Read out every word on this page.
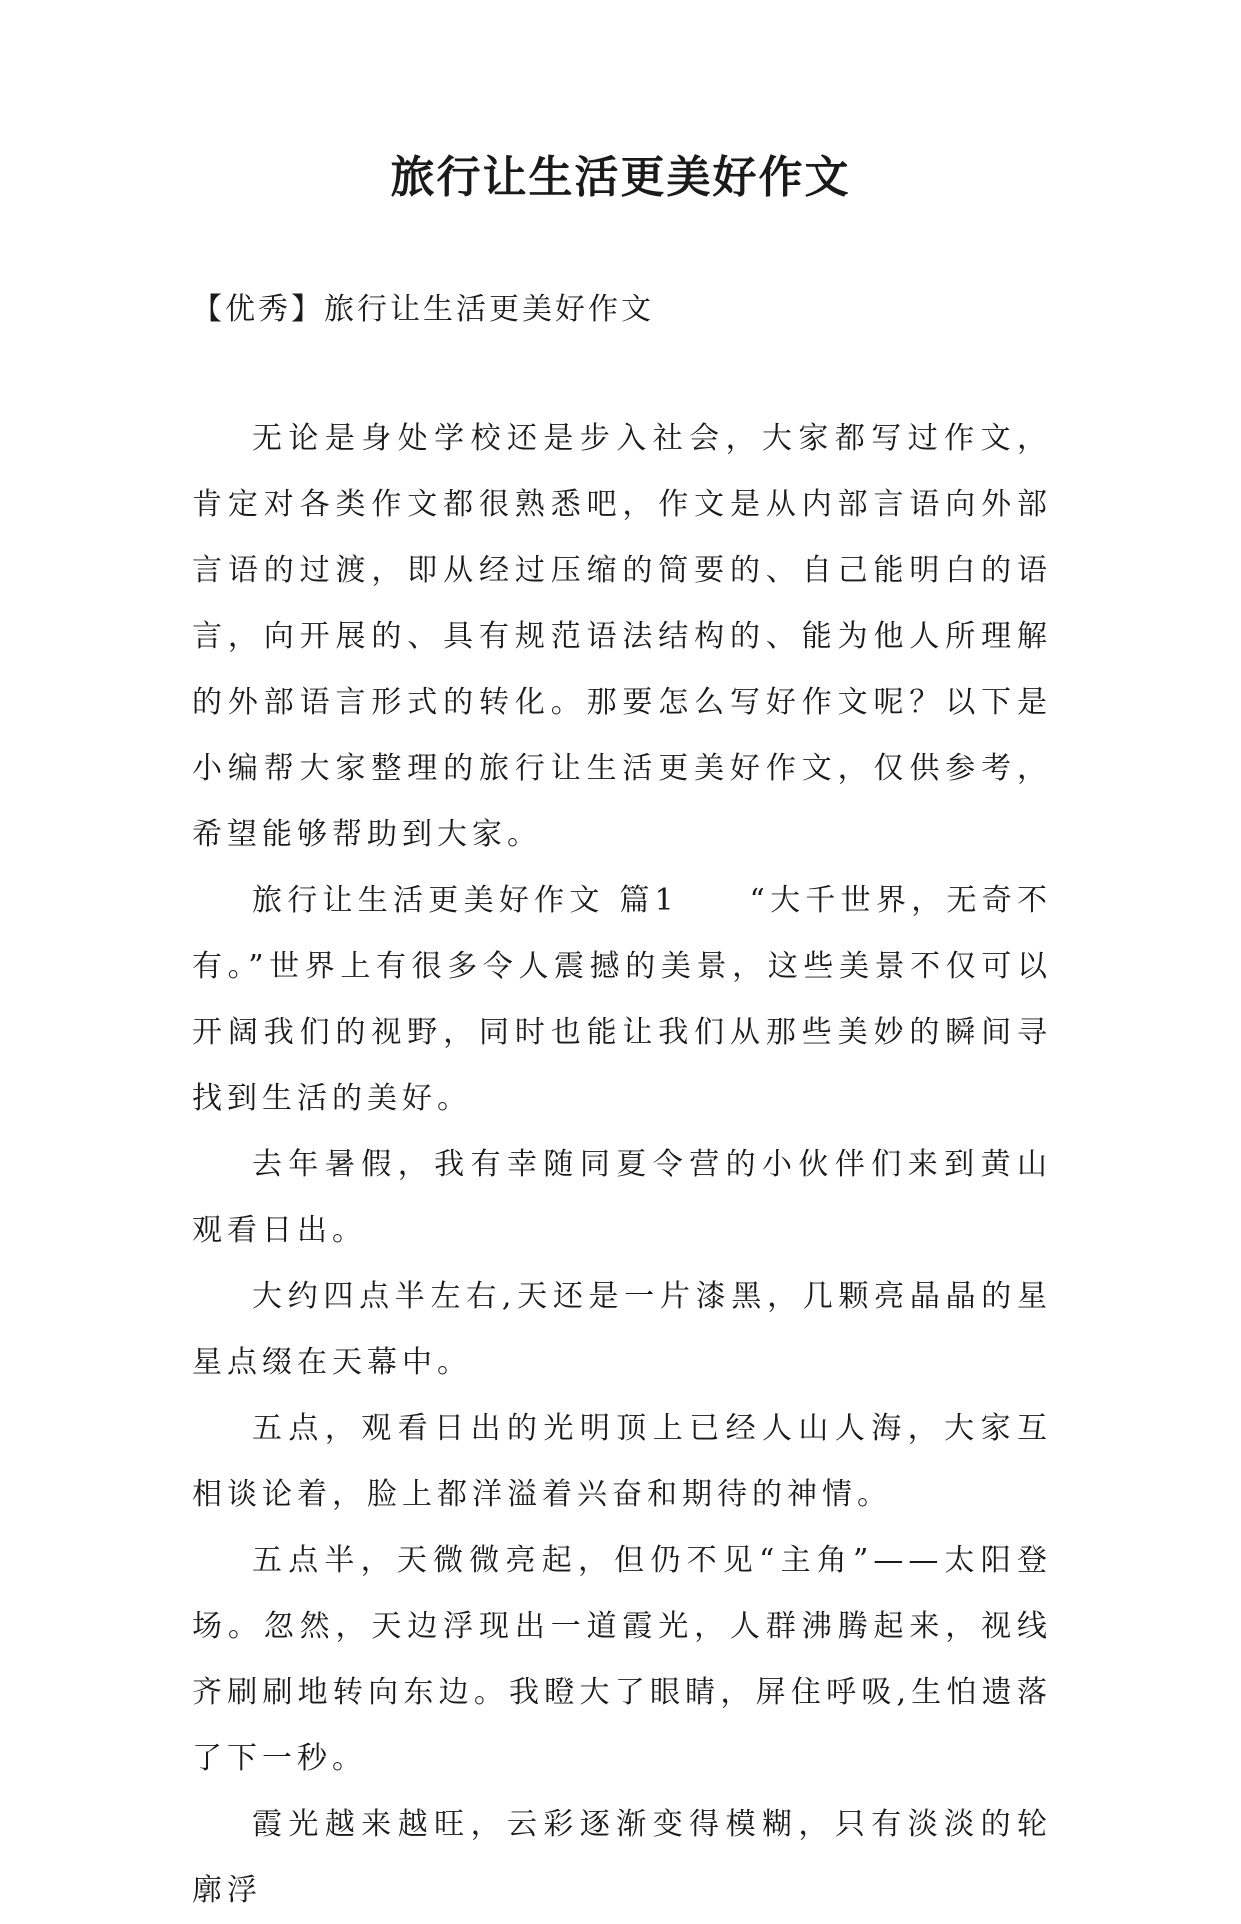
旅行让生活更美好作文

【优秀】旅行让生活更美好作文

无论是身处学校还是步入社会，大家都写过作文，肯定对各类作文都很熟悉吧，作文是从内部言语向外部言语的过渡，即从经过压缩的简要的、自己能明白的语言，向开展的、具有规范语法结构的、能为他人所理解的外部语言形式的转化。那要怎么写好作文呢？以下是小编帮大家整理的旅行让生活更美好作文，仅供参考，希望能够帮助到大家。

旅行让生活更美好作文 篇1　　“大千世界，无奇不有。”世界上有很多令人震撼的美景，这些美景不仅可以开阔我们的视野，同时也能让我们从那些美妙的瞬间寻找到生活的美好。

去年暑假，我有幸随同夏令营的小伙伴们来到黄山观看日出。

大约四点半左右,天还是一片漆黑，几颗亮晶晶的星星点缀在天幕中。

五点，观看日出的光明顶上已经人山人海，大家互相谈论着，脸上都洋溢着兴奋和期待的神情。

五点半，天微微亮起，但仍不见“主角”——太阳登场。忽然，天边浮现出一道霞光，人群沸腾起来，视线齐刷刷地转向东边。我瞪大了眼睛，屏住呼吸,生怕遗落了下一秒。

霞光越来越旺，云彩逐渐变得模糊，只有淡淡的轮廓浮
